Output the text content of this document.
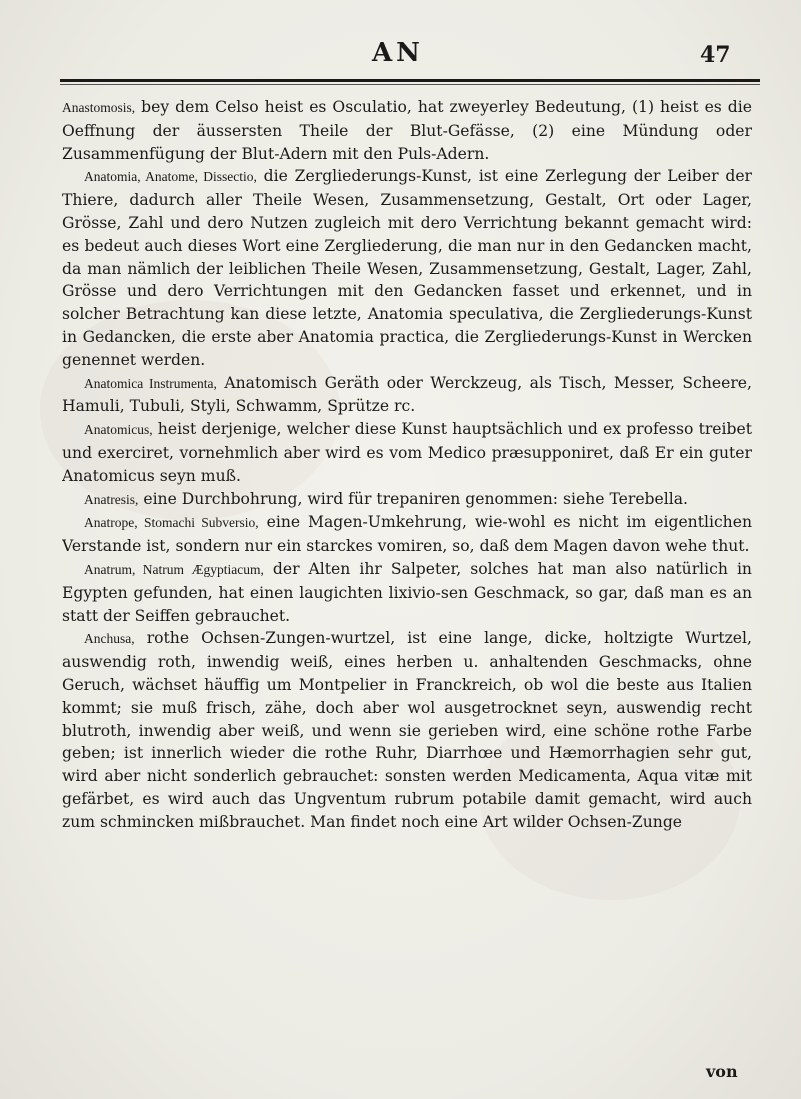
AN	47

Anastomosis, bey dem Celso heist es Osculatio, hat zweyerley Bedeutung, (1) heist es die Oeffnung der äussersten Theile der Blut-Gefässe, (2) eine Mündung oder Zusammenfügung der Blut-Adern mit den Puls-Adern.

Anatomia, Anatome, Dissectio, die Zergliederungs-Kunst, ist eine Zerlegung der Leiber der Thiere, dadurch aller Theile Wesen, Zusammensetzung, Gestalt, Ort oder Lager, Grösse, Zahl und dero Nutzen zugleich mit dero Verrichtung bekannt gemacht wird: es bedeut auch dieses Wort eine Zergliederung, die man nur in den Gedancken macht, da man nämlich der leiblichen Theile Wesen, Zusammensetzung, Gestalt, Lager, Zahl, Grösse und dero Verrichtungen mit den Gedancken fasset und erkennet, und in solcher Betrachtung kan diese letzte, Anatomia speculativa, die Zergliederungs-Kunst in Gedancken, die erste aber Anatomia practica, die Zergliederungs-Kunst in Wercken genennet werden.

Anatomica Instrumenta, Anatomisch Geräth oder Werckzeug, als Tisch, Messer, Scheere, Hamuli, Tubuli, Styli, Schwamm, Sprütze rc.

Anatomicus, heist derjenige, welcher diese Kunst hauptsächlich und ex professo treibet und exerciret, vornehmlich aber wird es vom Medico præsupponiret, daß Er ein guter Anatomicus seyn muß.

Anatresis, eine Durchbohrung, wird für trepaniren genommen: siehe Terebella.

Anatrope, Stomachi Subversio, eine Magen-Umkehrung, wie-wohl es nicht im eigentlichen Verstande ist, sondern nur ein starckes vomiren, so, daß dem Magen davon wehe thut.

Anatrum, Natrum Ægyptiacum, der Alten ihr Salpeter, solches hat man also natürlich in Egypten gefunden, hat einen laugichten lixivio-sen Geschmack, so gar, daß man es an statt der Seiffen gebrauchet.

Anchusa, rothe Ochsen-Zungen-wurtzel, ist eine lange, dicke, holtzigte Wurtzel, auswendig roth, inwendig weiß, eines herben u. anhaltenden Geschmacks, ohne Geruch, wächset häuffig um Montpelier in Franckreich, ob wol die beste aus Italien kommt; sie muß frisch, zähe, doch aber wol ausgetrocknet seyn, auswendig recht blutroth, inwendig aber weiß, und wenn sie gerieben wird, eine schöne rothe Farbe geben; ist innerlich wieder die rothe Ruhr, Diarrhœe und Hæmorrhagien sehr gut, wird aber nicht sonderlich gebrauchet: sonsten werden Medicamenta, Aqua vitæ mit gefärbet, es wird auch das Ungventum rubrum potabile damit gemacht, wird auch zum schmincken mißbrauchet. Man findet noch eine Art wilder Ochsen-Zunge

von
